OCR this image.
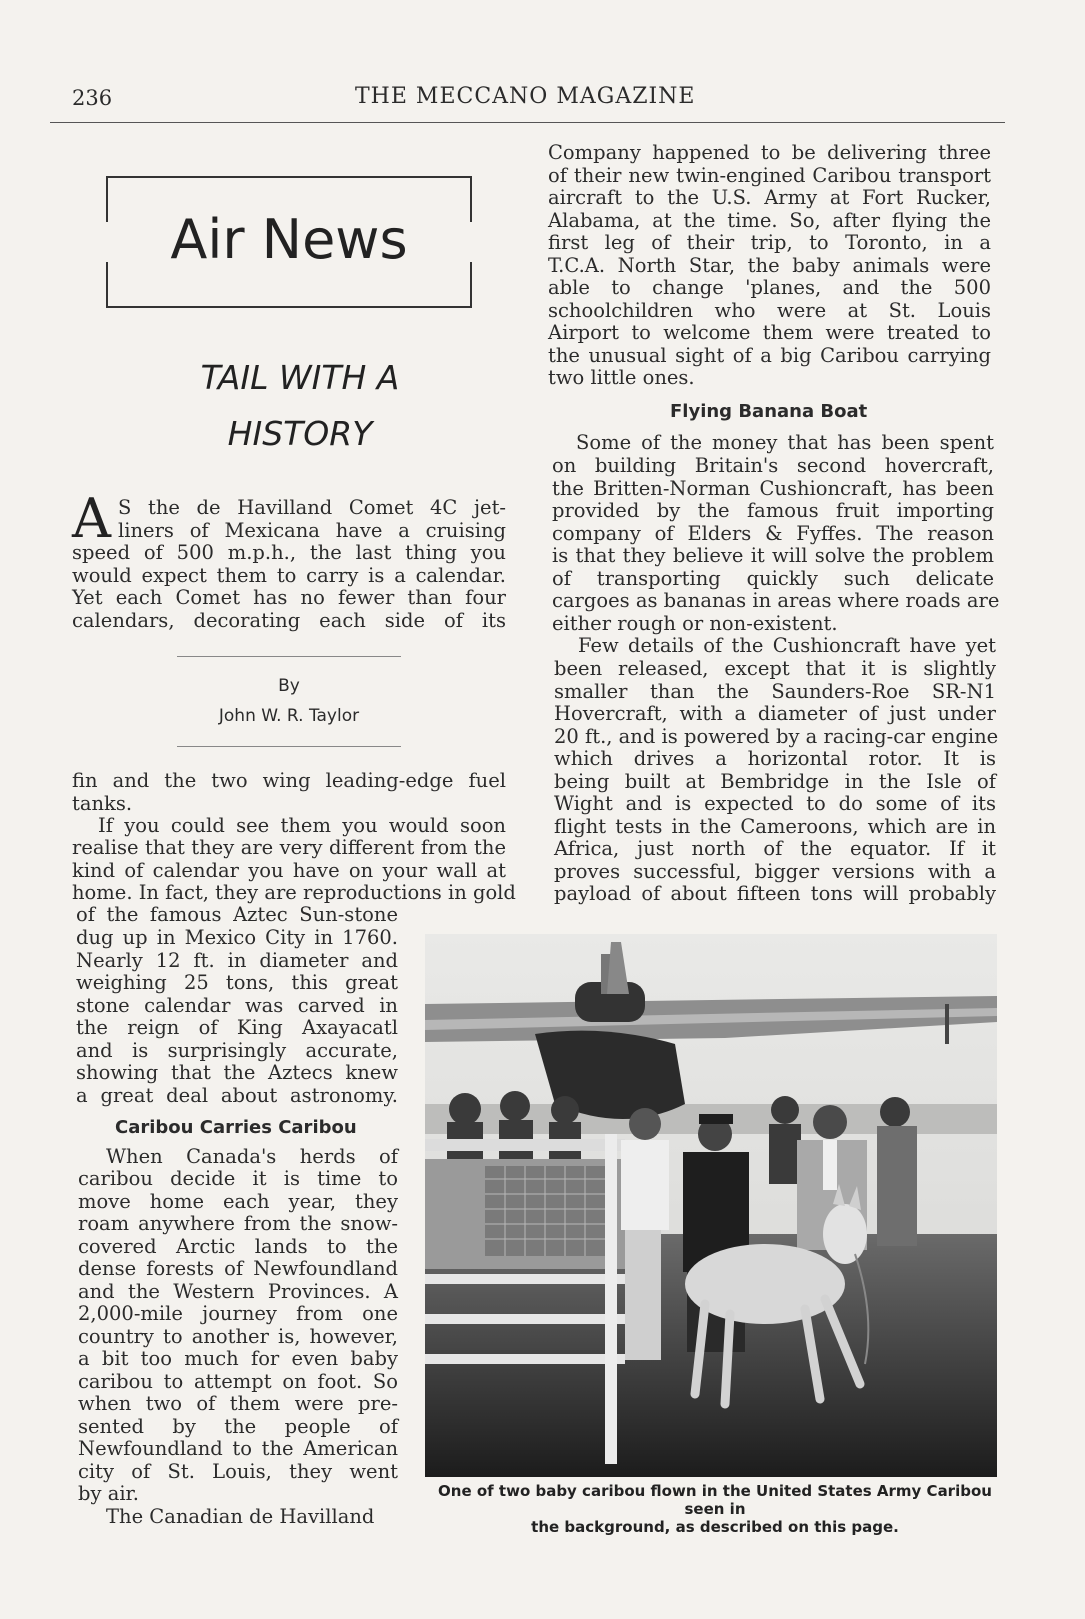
236	THE MECCANO MAGAZINE
Air News
TAIL WITH A
HISTORY
A S the de Havilland Comet 4C jet-
liners of Mexicana have a cruising
speed of 500 m.p.h., the last thing you
would expect them to carry is a calendar.
Yet each Comet has no fewer than four
calendars, decorating each side of its
By
John W. R. Taylor
fin and the two wing leading-edge fuel
tanks.
If you could see them you would soon
realise that they are very different from the
kind of calendar you have on your wall at
home. In fact, they are reproductions in gold
of the famous Aztec Sun-stone
dug up in Mexico City in 1760.
Nearly 12 ft. in diameter and
weighing 25 tons, this great
stone calendar was carved in
the reign of King Axayacatl
and is surprisingly accurate,
showing that the Aztecs knew
a great deal about astronomy.
Caribou Carries Caribou
When Canada's herds of
caribou decide it is time to
move home each year, they
roam anywhere from the snow-
covered Arctic lands to the
dense forests of Newfoundland
and the Western Provinces. A
2,000-mile journey from one
country to another is, however,
a bit too much for even baby
caribou to attempt on foot. So
when two of them were pre-
sented by the people of
Newfoundland to the American
city of St. Louis, they went
by air.
The Canadian de Havilland
Company happened to be delivering three
of their new twin-engined Caribou transport
aircraft to the U.S. Army at Fort Rucker,
Alabama, at the time. So, after flying the
first leg of their trip, to Toronto, in a
T.C.A. North Star, the baby animals were
able to change 'planes, and the 500
schoolchildren who were at St. Louis
Airport to welcome them were treated to
the unusual sight of a big Caribou carrying
two little ones.
Flying Banana Boat
Some of the money that has been spent
on building Britain's second hovercraft,
the Britten-Norman Cushioncraft, has been
provided by the famous fruit importing
company of Elders & Fyffes. The reason
is that they believe it will solve the problem
of transporting quickly such delicate
cargoes as bananas in areas where roads are
either rough or non-existent.
Few details of the Cushioncraft have yet
been released, except that it is slightly
smaller than the Saunders-Roe SR-N1
Hovercraft, with a diameter of just under
20 ft., and is powered by a racing-car engine
which drives a horizontal rotor. It is
being built at Bembridge in the Isle of
Wight and is expected to do some of its
flight tests in the Cameroons, which are in
Africa, just north of the equator. If it
proves successful, bigger versions with a
payload of about fifteen tons will probably
One of two baby caribou flown in the United States Army Caribou seen in
the background, as described on this page.
